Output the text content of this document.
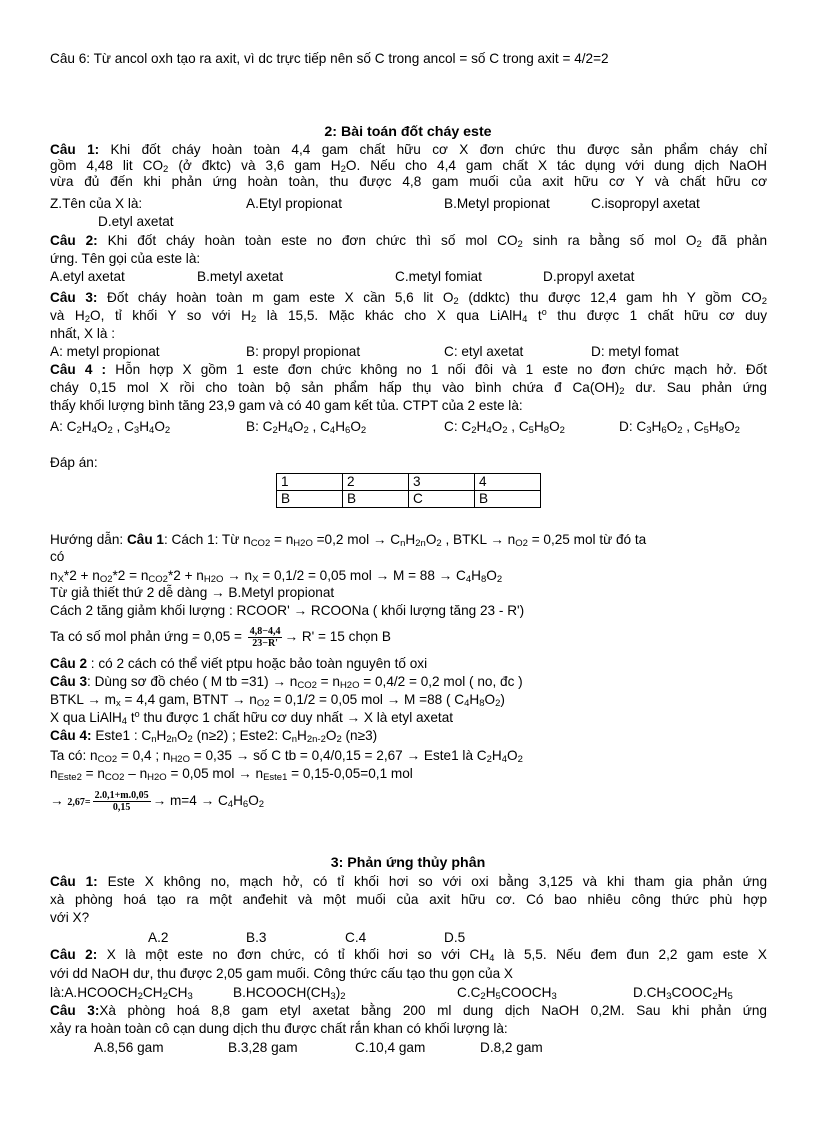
Câu 6: Từ ancol oxh tạo ra axit, vì dc trực tiếp nên số C trong ancol = số C trong axit = 4/2=2
2: Bài toán đốt cháy este
Câu 1: Khi đốt cháy hoàn toàn 4,4 gam chất hữu cơ X đơn chức thu được sản phẩm cháy chỉ
gồm 4,48 lit $CO_2$ (ở đktc) và 3,6 gam $H_2O$. Nếu cho 4,4 gam chất X tác dụng với dung dịch NaOH
vừa đủ đến khi phản ứng hoàn toàn, thu được 4,8 gam muối của axit hữu cơ Y và chất hữu cơ
Z.Tên của X là:	A.Etyl propionat	B.Metyl propionat	C.isopropyl axetat
D.etyl axetat
Câu 2: Khi đốt cháy hoàn toàn este no đơn chức thì số mol $CO_2$ sinh ra bằng số mol $O_2$ đã phản
ứng. Tên gọi của este là:
A.etyl axetat	B.metyl axetat	C.metyl fomiat	D.propyl axetat
Câu 3: Đốt cháy hoàn toàn m gam este X cần 5,6 lit $O_2$ (ddktc) thu được 12,4 gam hh Y gồm $CO_2$
và $H_2O$, tỉ khối Y so với $H_2$ là 15,5. Mặc khác cho X qua LiAlH$_4$ $t^o$ thu được 1 chất hữu cơ duy
nhất, X là :
A: metyl propionat	B: propyl propionat	C: etyl axetat	D: metyl fomat
Câu 4 : Hỗn hợp X gồm 1 este đơn chức không no 1 nối đôi và 1 este no đơn chức mạch hở. Đốt
cháy 0,15 mol X rồi cho toàn bộ sản phẩm hấp thụ vào bình chứa đ $Ca(OH)_2$ dư. Sau phản ứng
thấy khối lượng bình tăng 23,9 gam và có 40 gam kết tủa. CTPT của 2 este là:
A: $C_2H_4O_2$ , $C_3H_4O_2$	B: $C_2H_4O_2$ , $C_4H_6O_2$	C: $C_2H_4O_2$ , $C_5H_8O_2$	D: $C_3H_6O_2$ , $C_5H_8O_2$
Đáp án:
1	2	3	4
B	B	C	B
Hướng dẫn: Câu 1: Cách 1: Từ $n_{CO2} = n_{H2O} =0,2$ mol → $C_nH_{2n}O_2$ , BTKL → $n_{O2} = 0,25$ mol từ đó ta
có
$n_X*2 + n_{O2}*2 = n_{CO2}*2 + n_{H2O} \to n_X = 0,1/2 = 0,05$ mol → $M = 88 \to C_4H_8O_2$
Từ giả thiết thứ 2 dễ dàng → B.Metyl propionat
Cách 2 tăng giảm khối lượng : RCOOR' → RCOONa ( khối lượng tăng 23 - R')
Ta có số mol phản ứng = $0,05 = \frac{4,8-4,4}{23-R'} \to R' = 15$ chọn B
Câu 2 : có 2 cách có thể viết ptpu hoặc bảo toàn nguyên tố oxi
Câu 3: Dùng sơ đồ chéo ( M tb $=31) \to n_{CO2} = n_{H2O} = 0,4/2 = 0,2$ mol ( no, đc )
BTKL → $m_x = 4,4$ gam, BTNT → $n_{O2} = 0,1/2 = 0,05$ mol → M =88 ( $C_4H_8O_2$)
X qua LiAlH$_4$ $t^o$ thu được 1 chất hữu cơ duy nhất → X là etyl axetat
Câu 4: Este1 : $C_nH_{2n}O_2$ (n≥2) ; Este2: $C_nH_{2n-2}O_2$ (n≥3)
Ta có: $n_{CO2} = 0,4$ ; $n_{H2O} = 0,35$ → số C tb = 0,4/0,15 = 2,67 → Este1 là $C_2H_4O_2$
$n_{Este2} = n_{CO2} - n_{H2O} = 0,05$ mol → $n_{Este1} = 0,15-0,05=0,1$ mol
→ $2,67= \frac{2.0,1+m.0,05}{0,15} \to m=4 \to C_4H_6O_2$
3: Phản ứng thủy phân
Câu 1: Este X không no, mạch hở, có tỉ khối hơi so với oxi bằng 3,125 và khi tham gia phản ứng
xà phòng hoá tạo ra một anđehit và một muối của axit hữu cơ. Có bao nhiêu công thức phù hợp
với X?
A.2	B.3	C.4	D.5
Câu 2: X là một este no đơn chức, có tỉ khối hơi so với $CH_4$ là 5,5. Nếu đem đun 2,2 gam este X
với dd NaOH dư, thu được 2,05 gam muối. Công thức cấu tạo thu gọn của X
$là:A.HCOOCH_2CH_2CH_3$	$B.HCOOCH(CH_3)_2$	$C.C_2H_5COOCH_3$	$D.CH_3COOC_2H_5$
Câu 3:Xà phòng hoá 8,8 gam etyl axetat bằng 200 ml dung dịch NaOH 0,2M. Sau khi phản ứng
xảy ra hoàn toàn cô cạn dung dịch thu được chất rắn khan có khối lượng là:
A.8,56 gam	B.3,28 gam	C.10,4 gam	D.8,2 gam
